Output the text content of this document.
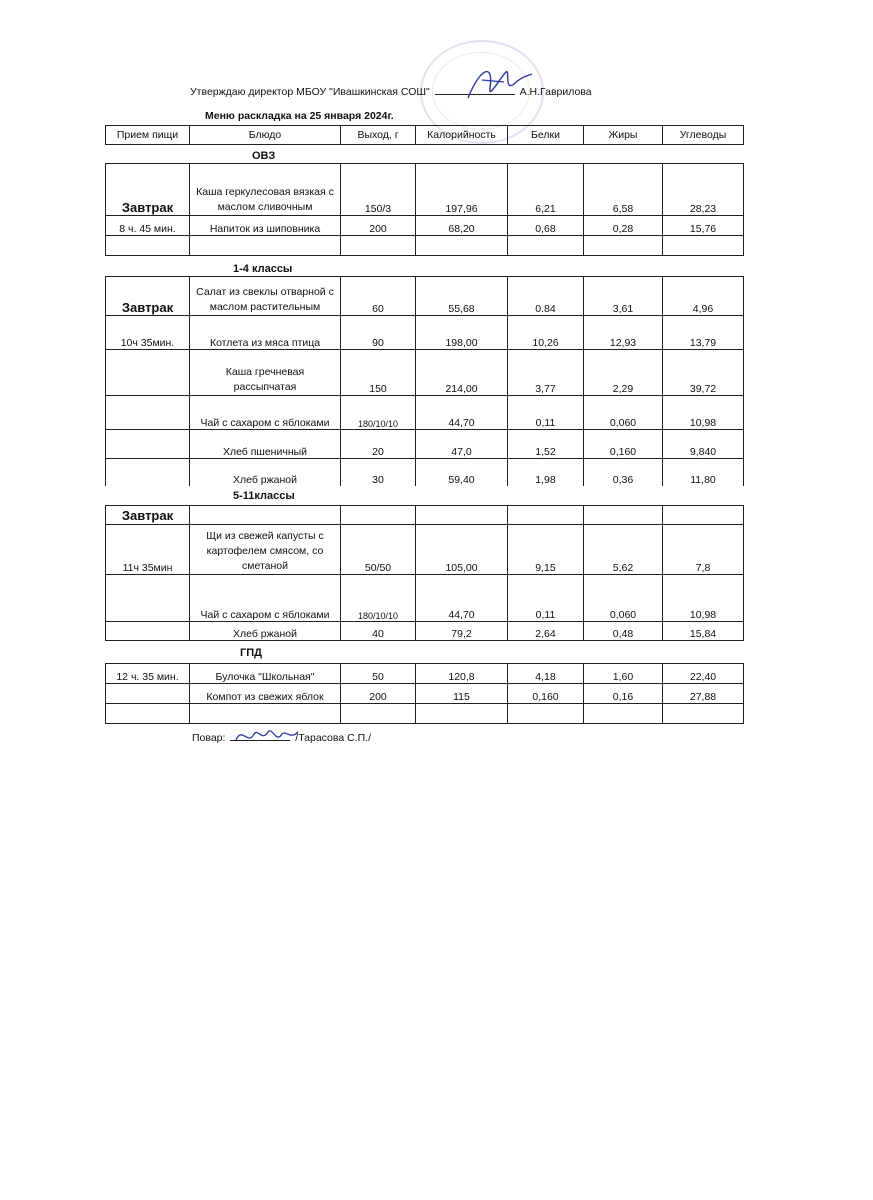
Утверждаю директор МБОУ "Ивашкинская СОШ"	А.Н.Гаврилова
Меню раскладка на 25 января 2024г.
Прием пищи	Блюдо	Выход, г	Калорийность	Белки	Жиры	Углеводы
ОВЗ
Завтрак	Каша геркулесовая вязкая с маслом сливочным	150/3	197,96	6,21	6,58	28,23
8 ч. 45 мин.	Напиток из шиповника	200	68,20	0,68	0,28	15,76

1-4 классы
Завтрак	Салат из свеклы отварной с маслом растительным	60	55,68	0.84	3,61	4,96
10ч 35мин.	Котлета из мяса птица	90	198,00	10,26	12,93	13,79
	Каша гречневая рассыпчатая	150	214,00	3,77	2,29	39,72
	Чай с сахаром с яблоками	180/10/10	44,70	0,11	0,060	10,98
	Хлеб пшеничный	20	47,0	1,52	0,160	9,840
	Хлеб ржаной	30	59,40	1,98	0,36	11,80
5-11классы
Завтрак						
11ч 35мин	Щи из свежей капусты с картофелем смясом, со сметаной	50/50	105,00	9,15	5,62	7,8
	Чай с сахаром с яблоками	180/10/10	44,70	0,11	0,060	10,98
	Хлеб ржаной	40	79,2	2,64	0,48	15,84
ГПД
12 ч. 35 мин.	Булочка "Школьная"	50	120,8	4,18	1,60	22,40
	Компот из свежих яблок	200	115	0,160	0,16	27,88

Повар:	/Тарасова С.П./
